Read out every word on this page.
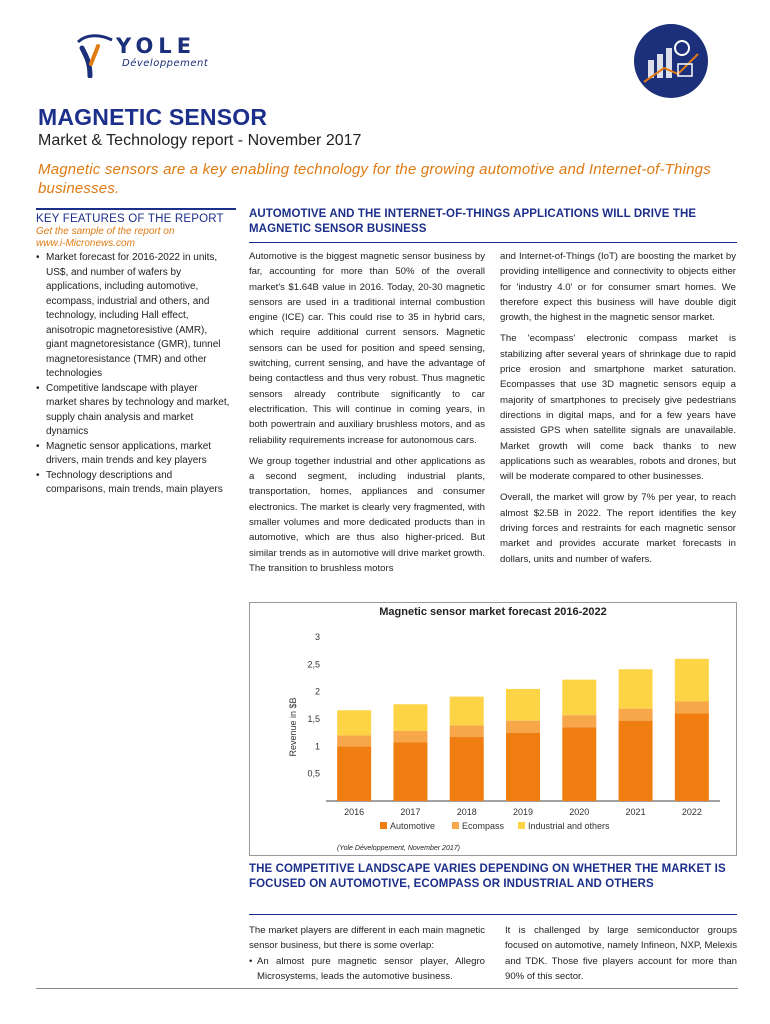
YOLE
Développement
MAGNETIC SENSOR
Market & Technology report - November 2017
Magnetic sensors are a key enabling technology for the growing automotive and Internet-of-Things businesses.
KEY FEATURES OF THE REPORT
Get the sample of the report on www.i-Micronews.com
• Market forecast for 2016-2022 in units, US$, and number of wafers by applications, including automotive, ecompass, industrial and others, and technology, including Hall effect, anisotropic magnetoresistive (AMR), giant magnetoresistance (GMR), tunnel magnetoresistance (TMR) and other technologies
• Competitive landscape with player market shares by technology and market, supply chain analysis and market dynamics
• Magnetic sensor applications, market drivers, main trends and key players
• Technology descriptions and comparisons, main trends, main players
AUTOMOTIVE AND THE INTERNET-OF-THINGS APPLICATIONS WILL DRIVE THE MAGNETIC SENSOR BUSINESS

Automotive is the biggest magnetic sensor business by far, accounting for more than 50% of the overall market's $1.64B value in 2016. Today, 20-30 magnetic sensors are used in a traditional internal combustion engine (ICE) car. This could rise to 35 in hybrid cars, which require additional current sensors. Magnetic sensors can be used for position and speed sensing, switching, current sensing, and have the advantage of being contactless and thus very robust. Thus magnetic sensors already contribute significantly to car electrification. This will continue in coming years, in both powertrain and auxiliary brushless motors, and as reliability requirements increase for autonomous cars.

We group together industrial and other applications as a second segment, including industrial plants, transportation, homes, appliances and consumer electronics. The market is clearly very fragmented, with smaller volumes and more dedicated products than in automotive, which are thus also higher-priced. But similar trends as in automotive will drive market growth. The transition to brushless motors

and Internet-of-Things (IoT) are boosting the market by providing intelligence and connectivity to objects either for 'industry 4.0' or for consumer smart homes. We therefore expect this business will have double digit growth, the highest in the magnetic sensor market.

The 'ecompass' electronic compass market is stabilizing after several years of shrinkage due to rapid price erosion and smartphone market saturation. Ecompasses that use 3D magnetic sensors equip a majority of smartphones to precisely give pedestrians directions in digital maps, and for a few years have assisted GPS when satellite signals are unavailable. Market growth will come back thanks to new applications such as wearables, robots and drones, but will be moderate compared to other businesses.

Overall, the market will grow by 7% per year, to reach almost $2.5B in 2022. The report identifies the key driving forces and restraints for each magnetic sensor market and provides accurate market forecasts in dollars, units and number of wafers.

Magnetic sensor market forecast 2016-2022
0,5
1
1,5
2
2,5
3
Revenue in $B
2016	2017	2018	2019	2020	2021	2022
Automotive	Ecompass	Industrial and others
(Yole Développement, November 2017)
THE COMPETITIVE LANDSCAPE VARIES DEPENDING ON WHETHER THE MARKET IS FOCUSED ON AUTOMOTIVE, ECOMPASS OR INDUSTRIAL AND OTHERS
The market players are different in each main magnetic sensor business, but there is some overlap:
• An almost pure magnetic sensor player, Allegro Microsystems, leads the automotive business.
It is challenged by large semiconductor groups focused on automotive, namely Infineon, NXP, Melexis and TDK. Those five players account for more than 90% of this sector.
